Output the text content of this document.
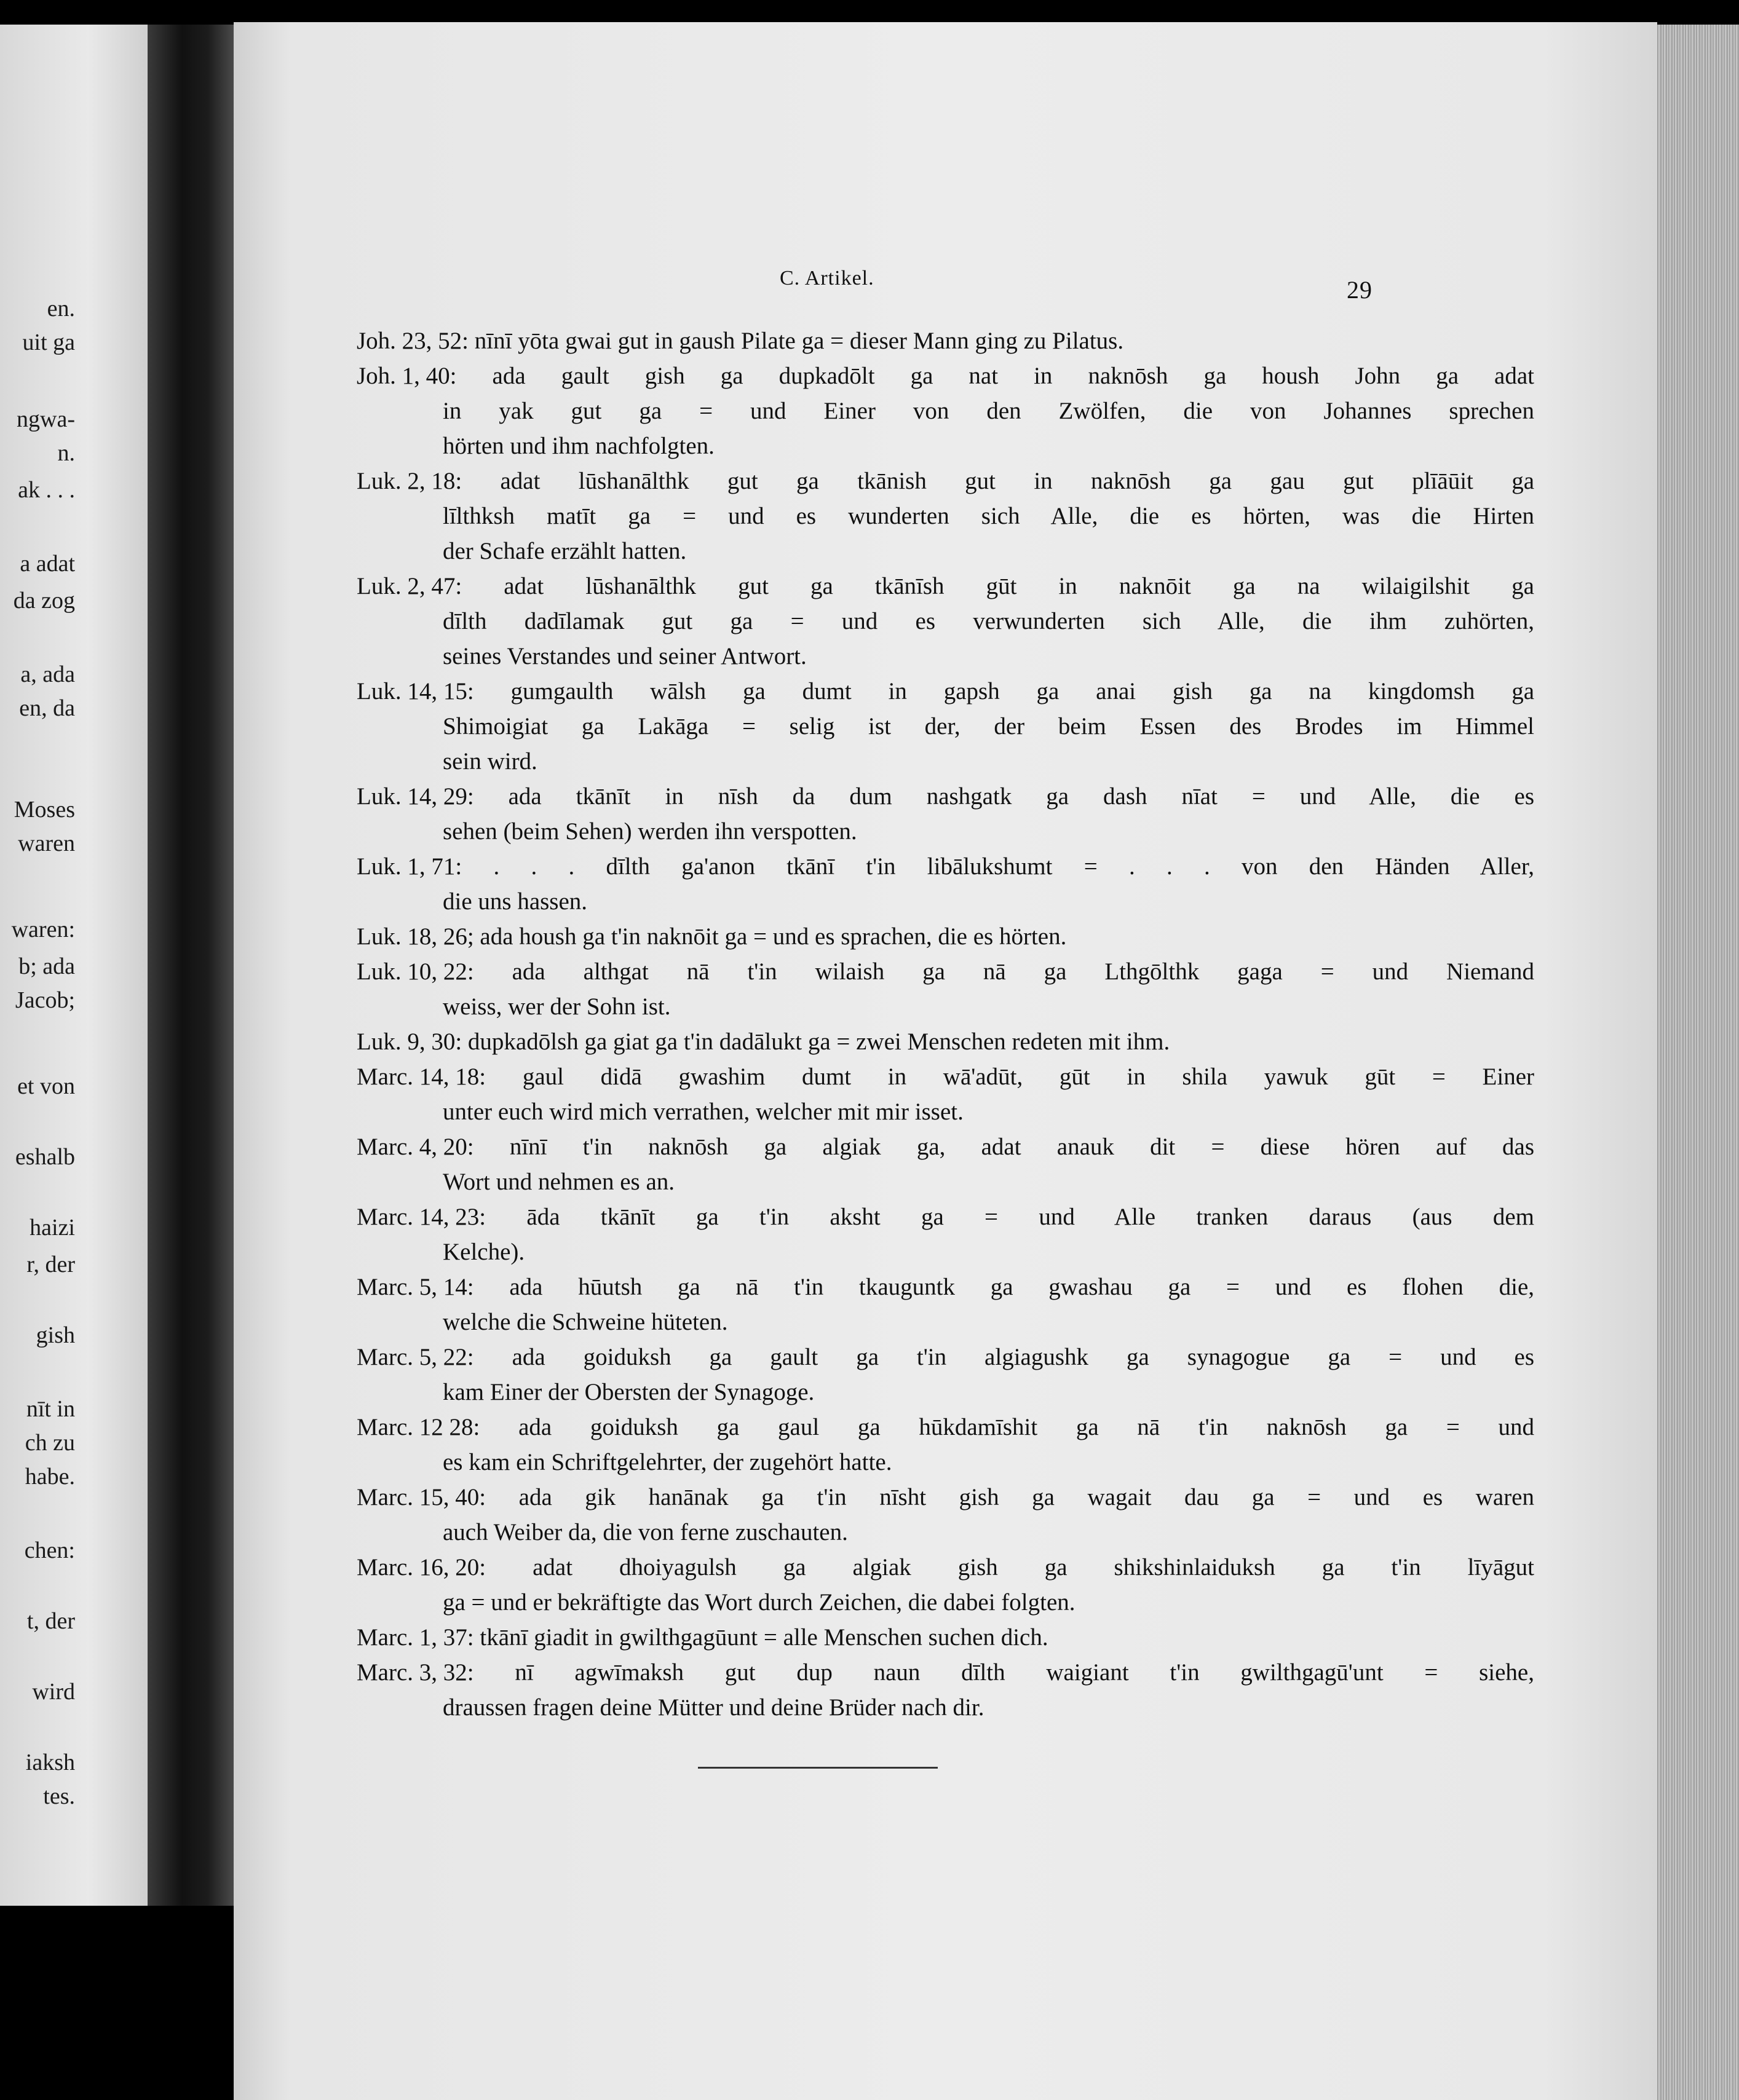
en.
uit ga
ngwa-
n.
ak . . .
a adat
da zog
a, ada
en, da
Moses
waren
waren:
b; ada
Jacob;
et von
eshalb
haizi
r, der
gish
nīt in
ch zu
habe.
chen:
t, der
wird
iaksh
tes.
C. Artikel.	29
Joh. 23, 52: nīnī yōta gwai gut in gaush Pilate ga = dieser Mann ging zu Pilatus.
Joh. 1, 40: ada gault gish ga dupkadōlt ga nat in naknōsh ga housh John ga adat
in yak gut ga = und Einer von den Zwölfen, die von Johannes sprechen
hörten und ihm nachfolgten.
Luk. 2, 18: adat lūshanālthk gut ga tkānish gut in naknōsh ga gau gut plīāūit ga
līlthksh matīt ga = und es wunderten sich Alle, die es hörten, was die Hirten
der Schafe erzählt hatten.
Luk. 2, 47: adat lūshanālthk gut ga tkānīsh gūt in naknōit ga na wilaigilshit ga
dīlth dadīlamak gut ga = und es verwunderten sich Alle, die ihm zuhörten,
seines Verstandes und seiner Antwort.
Luk. 14, 15: gumgaulth wālsh ga dumt in gapsh ga anai gish ga na kingdomsh ga
Shimoigiat ga Lakāga = selig ist der, der beim Essen des Brodes im Himmel
sein wird.
Luk. 14, 29: ada tkānīt in nīsh da dum nashgatk ga dash nīat = und Alle, die es
sehen (beim Sehen) werden ihn verspotten.
Luk. 1, 71: . . . dīlth ga'anon tkānī t'in libālukshumt = . . . von den Händen Aller,
die uns hassen.
Luk. 18, 26; ada housh ga t'in naknōit ga = und es sprachen, die es hörten.
Luk. 10, 22: ada althgat nā t'in wilaish ga nā ga Lthgōlthk gaga = und Niemand
weiss, wer der Sohn ist.
Luk. 9, 30: dupkadōlsh ga giat ga t'in dadālukt ga = zwei Menschen redeten mit ihm.
Marc. 14, 18: gaul didā gwashim dumt in wā'adūt, gūt in shila yawuk gūt = Einer
unter euch wird mich verrathen, welcher mit mir isset.
Marc. 4, 20: nīnī t'in naknōsh ga algiak ga, adat anauk dit = diese hören auf das
Wort und nehmen es an.
Marc. 14, 23: āda tkānīt ga t'in aksht ga = und Alle tranken daraus (aus dem
Kelche).
Marc. 5, 14: ada hūutsh ga nā t'in tkauguntk ga gwashau ga = und es flohen die,
welche die Schweine hüteten.
Marc. 5, 22: ada goiduksh ga gault ga t'in algiagushk ga synagogue ga = und es
kam Einer der Obersten der Synagoge.
Marc. 12 28: ada goiduksh ga gaul ga hūkdamīshit ga nā t'in naknōsh ga = und
es kam ein Schriftgelehrter, der zugehört hatte.
Marc. 15, 40: ada gik hanānak ga t'in nīsht gish ga wagait dau ga = und es waren
auch Weiber da, die von ferne zuschauten.
Marc. 16, 20: adat dhoiyagulsh ga algiak gish ga shikshinlaiduksh ga t'in līyāgut
ga = und er bekräftigte das Wort durch Zeichen, die dabei folgten.
Marc. 1, 37: tkānī giadit in gwilthgagūunt = alle Menschen suchen dich.
Marc. 3, 32: nī agwīmaksh gut dup naun dīlth waigiant t'in gwilthgagū'unt = siehe,
draussen fragen deine Mütter und deine Brüder nach dir.
